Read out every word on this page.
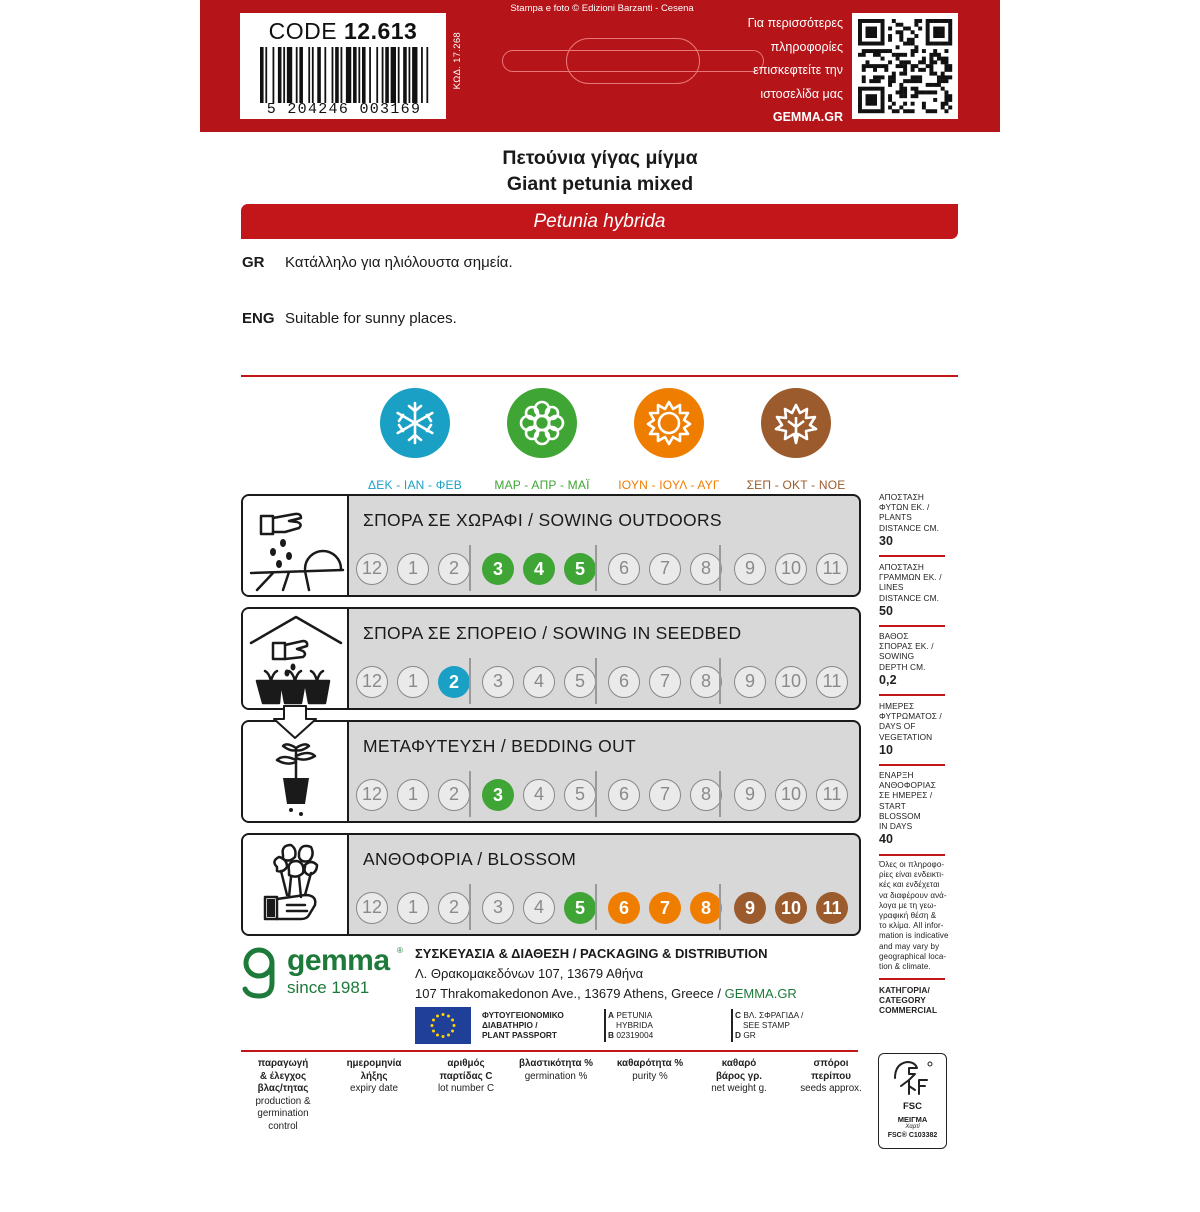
CODE 12.613
5 204246 003169
ΚΩΔ. 17.268
Stampa e foto © Edizioni Barzanti - Cesena
Για περισσότερες
πληροφορίες
επισκεφτείτε την
ιστοσελίδα μας
GEMMA.GR
Πετούνια γίγας μίγμα
Giant petunia mixed
Petunia hybrida
GR Κατάλληλο για ηλιόλουστα σημεία.
ENG Suitable for sunny places.
ΔΕΚ - ΙΑΝ - ΦΕΒ	ΜΑΡ - ΑΠΡ - ΜΑΪ	ΙΟΥΝ - ΙΟΥΛ - ΑΥΓ	ΣΕΠ - ΟΚΤ - ΝΟΕ
ΣΠΟΡΑ ΣΕ ΧΩΡΑΦΙ / SOWING OUTDOORS
12	1	2	3	4	5	6	7	8	9	10	11
ΣΠΟΡΑ ΣΕ ΣΠΟΡΕΙΟ / SOWING IN SEEDBED
12	1	2	3	4	5	6	7	8	9	10	11
ΜΕΤΑΦΥΤΕΥΣΗ / BEDDING OUT
12	1	2	3	4	5	6	7	8	9	10	11
ΑΝΘΟΦΟΡΙΑ / BLOSSOM
12	1	2	3	4	5	6	7	8	9	10	11
ΑΠΟΣΤΑΣΗ
ΦΥΤΩΝ ΕΚ. /
PLANTS
DISTANCE CM.
30
ΑΠΟΣΤΑΣΗ
ΓΡΑΜΜΩΝ ΕΚ. /
LINES
DISTANCE CM.
50
ΒΑΘΟΣ
ΣΠΟΡΑΣ ΕΚ. /
SOWING
DEPTH CM.
0,2
ΗΜΕΡΕΣ
ΦΥΤΡΩΜΑΤΟΣ /
DAYS OF
VEGETATION
10
ΕΝΑΡΞΗ
ΑΝΘΟΦΟΡΙΑΣ
ΣΕ ΗΜΕΡΕΣ /
START
BLOSSOM
IN DAYS
40
Όλες οι πληροφο-
ρίες είναι ενδεικτι-
κές και ενδέχεται
να διαφέρουν ανά-
λογα με τη γεω-
γραφική θέση &
το κλίμα. All infor-
mation is indicative
and may vary by
geographical loca-
tion & climate.
ΚΑΤΗΓΟΡΙΑ/
CATEGORY
COMMERCIAL
gemma ®
since 1981
ΣΥΣΚΕΥΑΣΙΑ & ΔΙΑΘΕΣΗ / PACKAGING & DISTRIBUTION
Λ. Θρακομακεδόνων 107, 13679 Αθήνα
107 Thrakomakedonon Ave., 13679 Athens, Greece / GEMMA.GR
ΦΥΤΟΥΓΕΙΟΝΟΜΙΚΟ
ΔΙΑΒΑΤΗΡΙΟ /
PLANT PASSPORT
A PETUNIA
HYBRIDA
B 02319004
C ΒΛ. ΣΦΡΑΓΙΔΑ /
SEE STAMP
D GR
παραγωγή
& έλεγχος
βλας/τητας
production &
germination
control
ημερομηνία
λήξης
expiry date
αριθμός
παρτίδας C
lot number C
βλαστικότητα %
germination %
καθαρότητα %
purity %
καθαρό
βάρος γρ.
net weight g.
σπόροι
περίπου
seeds approx.
FSC
ΜΕΙΓΜΑ
Χαρτί
FSC® C103382
